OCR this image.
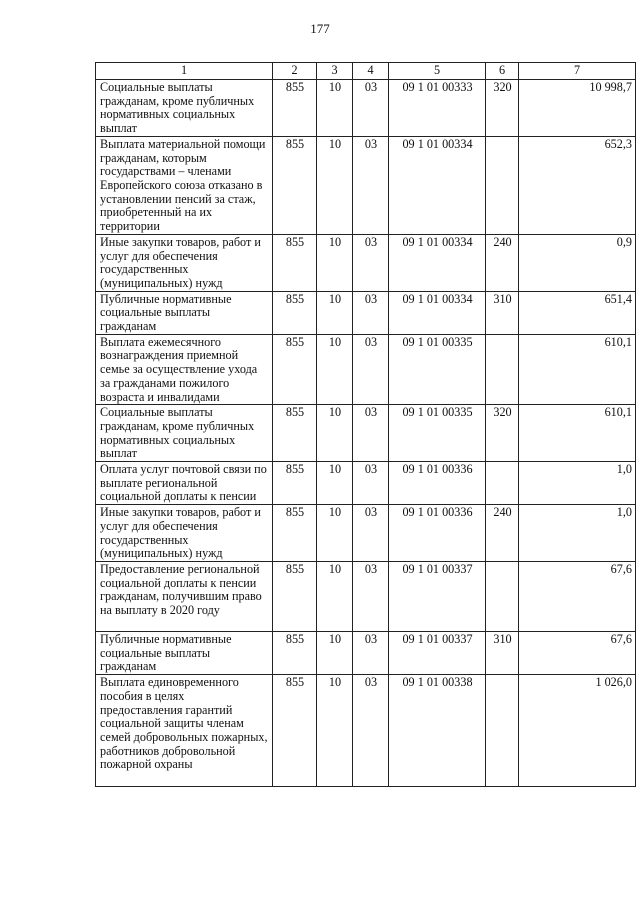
177
1	2	3	4	5	6	7
Социальные выплаты гражданам, кроме публичных нормативных социальных выплат	855	10	03	09 1 01 00333	320	10 998,7
Выплата материальной помощи гражданам, которым государствами – членами Европейского союза отказано в установлении пенсий за стаж, приобретенный на их территории	855	10	03	09 1 01 00334		652,3
Иные закупки товаров, работ и услуг для обеспечения государственных (муниципальных) нужд	855	10	03	09 1 01 00334	240	0,9
Публичные нормативные социальные выплаты гражданам	855	10	03	09 1 01 00334	310	651,4
Выплата ежемесячного вознаграждения приемной семье за осуществление ухода за гражданами пожилого возраста и инвалидами	855	10	03	09 1 01 00335		610,1
Социальные выплаты гражданам, кроме публичных нормативных социальных выплат	855	10	03	09 1 01 00335	320	610,1
Оплата услуг почтовой связи по выплате региональной социальной доплаты к пенсии	855	10	03	09 1 01 00336		1,0
Иные закупки товаров, работ и услуг для обеспечения государственных (муниципальных) нужд	855	10	03	09 1 01 00336	240	1,0
Предоставление региональной социальной доплаты к пенсии гражданам, получившим право на выплату в 2020 году	855	10	03	09 1 01 00337		67,6
Публичные нормативные социальные выплаты гражданам	855	10	03	09 1 01 00337	310	67,6
Выплата единовременного пособия в целях предоставления гарантий социальной защиты членам семей добровольных пожарных, работников добровольной пожарной охраны	855	10	03	09 1 01 00338		1 026,0
